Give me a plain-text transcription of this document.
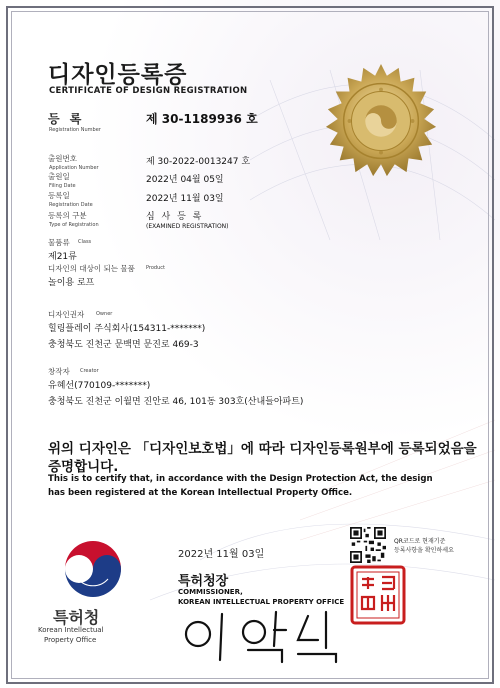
디자인등록증
CERTIFICATE OF DESIGN REGISTRATION
등 록
Registration Number
제 30-1189936 호
출원번호
Application Number
제 30-2022-0013247 호
출원일
Filing Date
2022년 04월 05일
등록일
Registration Date
2022년 11월 03일
등록의 구분
Type of Registration
심 사 등 록
(EXAMINED REGISTRATION)
물품류 Class
제21류
디자인의 대상이 되는 물품 Product
놀이용 로프
디자인권자 Owner
힐링플레이 주식회사(154311-*******)
충청북도 진천군 문백면 문진로 469-3
창작자 Creator
유혜선(770109-*******)
충청북도 진천군 이월면 진안로 46, 101동 303호(산내들아파트)
위의 디자인은 「디자인보호법」에 따라 디자인등록원부에 등록되었음을
증명합니다.
This is to certify that, in accordance with the Design Protection Act, the design
has been registered at the Korean Intellectual Property Office.
특허청
Korean Intellectual
Property Office
2022년 11월 03일
특허청장
COMMISSIONER,
KOREAN INTELLECTUAL PROPERTY OFFICE
이 인 실
QR코드로 현재기준
등록사항을 확인하세요
